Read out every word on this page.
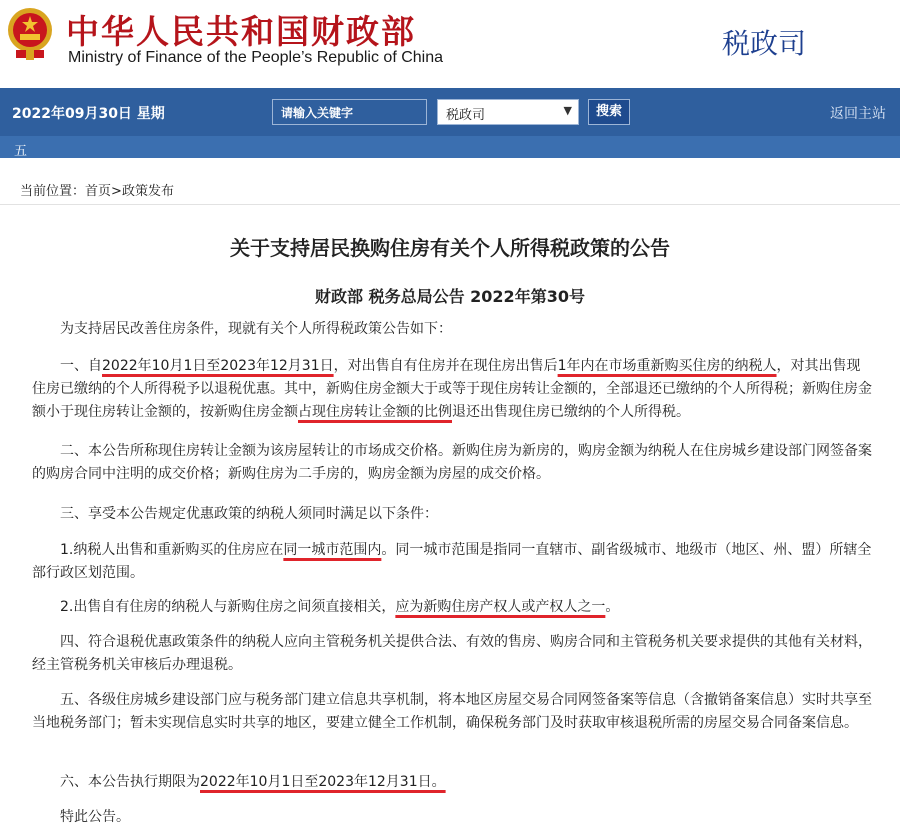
中华人民共和国财政部
Ministry of Finance of the People’s Republic of China	税政司
2022年09月30日 星期
请输入关键字	税政司	▼	搜索	返回主站
五
当前位置：首页>政策发布
关于支持居民换购住房有关个人所得税政策的公告
财政部 税务总局公告 2022年第30号
为支持居民改善住房条件，现就有关个人所得税政策公告如下：
一、自2022年10月1日至2023年12月31日，对出售自有住房并在现住房出售后1年内在市场重新购买住房的纳税人，对其出售现住房已缴纳的个人所得税予以退税优惠。其中，新购住房金额大于或等于现住房转让金额的，全部退还已缴纳的个人所得税；新购住房金额小于现住房转让金额的，按新购住房金额占现住房转让金额的比例退还出售现住房已缴纳的个人所得税。
二、本公告所称现住房转让金额为该房屋转让的市场成交价格。新购住房为新房的，购房金额为纳税人在住房城乡建设部门网签备案的购房合同中注明的成交价格；新购住房为二手房的，购房金额为房屋的成交价格。
三、享受本公告规定优惠政策的纳税人须同时满足以下条件：
1.纳税人出售和重新购买的住房应在同一城市范围内。同一城市范围是指同一直辖市、副省级城市、地级市（地区、州、盟）所辖全部行政区划范围。
2.出售自有住房的纳税人与新购住房之间须直接相关，应为新购住房产权人或产权人之一。
四、符合退税优惠政策条件的纳税人应向主管税务机关提供合法、有效的售房、购房合同和主管税务机关要求提供的其他有关材料，经主管税务机关审核后办理退税。
五、各级住房城乡建设部门应与税务部门建立信息共享机制，将本地区房屋交易合同网签备案等信息（含撤销备案信息）实时共享至当地税务部门；暂未实现信息实时共享的地区，要建立健全工作机制，确保税务部门及时获取审核退税所需的房屋交易合同备案信息。
六、本公告执行期限为2022年10月1日至2023年12月31日。
特此公告。
